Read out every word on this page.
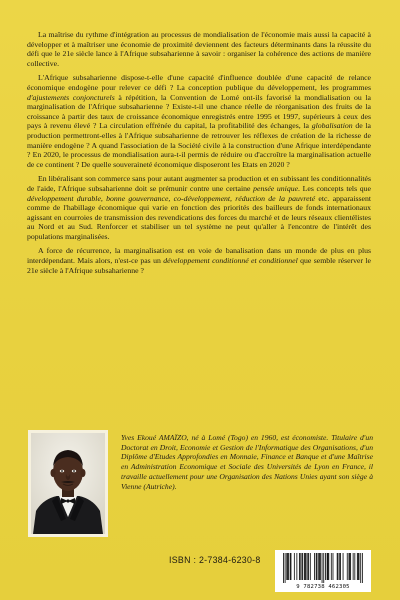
La maîtrise du rythme d'intégration au processus de mondialisation de l'économie mais aussi la capacité à développer et à maîtriser une économie de proximité deviennent des facteurs déterminants dans la réussite du défi que le 21e siècle lance à l'Afrique subsaharienne à savoir : organiser la cohérence des actions de manière collective.

L'Afrique subsaharienne dispose-t-elle d'une capacité d'influence doublée d'une capacité de relance économique endogène pour relever ce défi ? La conception publique du développement, les programmes d'ajustements conjoncturels à répétition, la Convention de Lomé ont-ils favorisé la mondialisation ou la marginalisation de l'Afrique subsaharienne ? Existe-t-il une chance réelle de réorganisation des fruits de la croissance à partir des taux de croissance économique enregistrés entre 1995 et 1997, supérieurs à ceux des pays à revenu élevé ? La circulation effrénée du capital, la profitabilité des échanges, la globalisation de la production permettront-elles à l'Afrique subsaharienne de retrouver les réflexes de création de la richesse de manière endogène ? A quand l'association de la Société civile à la construction d'une Afrique interdépendante ? En 2020, le processus de mondialisation aura-t-il permis de réduire ou d'accroître la marginalisation actuelle de ce continent ? De quelle souveraineté économique disposeront les Etats en 2020 ?

En libéralisant son commerce sans pour autant augmenter sa production et en subissant les conditionnalités de l'aide, l'Afrique subsaharienne doit se prémunir contre une certaine pensée unique. Les concepts tels que développement durable, bonne gouvernance, co-développement, réduction de la pauvreté etc. apparaissent comme de l'habillage économique qui varie en fonction des priorités des bailleurs de fonds internationaux agissant en courroies de transmission des revendications des forces du marché et de leurs réseaux clientélistes au Nord et au Sud. Renforcer et stabiliser un tel système ne peut qu'aller à l'encontre de l'intérêt des populations marginalisées.

A force de récurrence, la marginalisation est en voie de banalisation dans un monde de plus en plus interdépendant. Mais alors, n'est-ce pas un développement conditionné et conditionnel que semble réserver le 21e siècle à l'Afrique subsaharienne ?

Yves Ekoué AMAÏZO, né à Lomé (Togo) en 1960, est économiste. Titulaire d'un Doctorat en Droit, Economie et Gestion de l'Informatique des Organisations, d'un Diplôme d'Etudes Approfondies en Monnaie, Finance et Banque et d'une Maîtrise en Administration Economique et Sociale des Universités de Lyon en France, il travaille actuellement pour une Organisation des Nations Unies ayant son siège à Vienne (Autriche).

ISBN : 2-7384-6230-8
9 782738 462305
